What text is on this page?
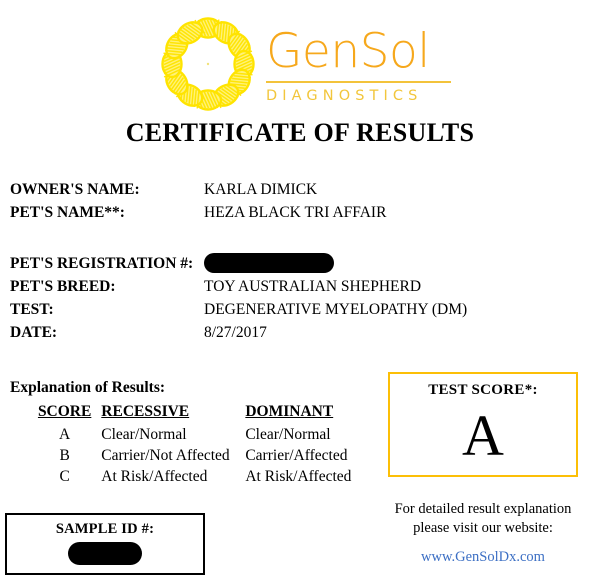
GenSol
DIAGNOSTICS
CERTIFICATE OF RESULTS
OWNER'S NAME:	KARLA DIMICK
PET'S NAME**:	HEZA BLACK TRI AFFAIR
PET'S REGISTRATION #:
PET'S BREED:	TOY AUSTRALIAN SHEPHERD
TEST:	DEGENERATIVE MYELOPATHY (DM)
DATE:	8/27/2017
Explanation of Results:
SCORE	RECESSIVE	DOMINANT
A	Clear/Normal	Clear/Normal
B	Carrier/Not Affected	Carrier/Affected
C	At Risk/Affected	At Risk/Affected
TEST SCORE*:
A
SAMPLE ID #:
For detailed result explanation
please visit our website:
www.GenSolDx.com
